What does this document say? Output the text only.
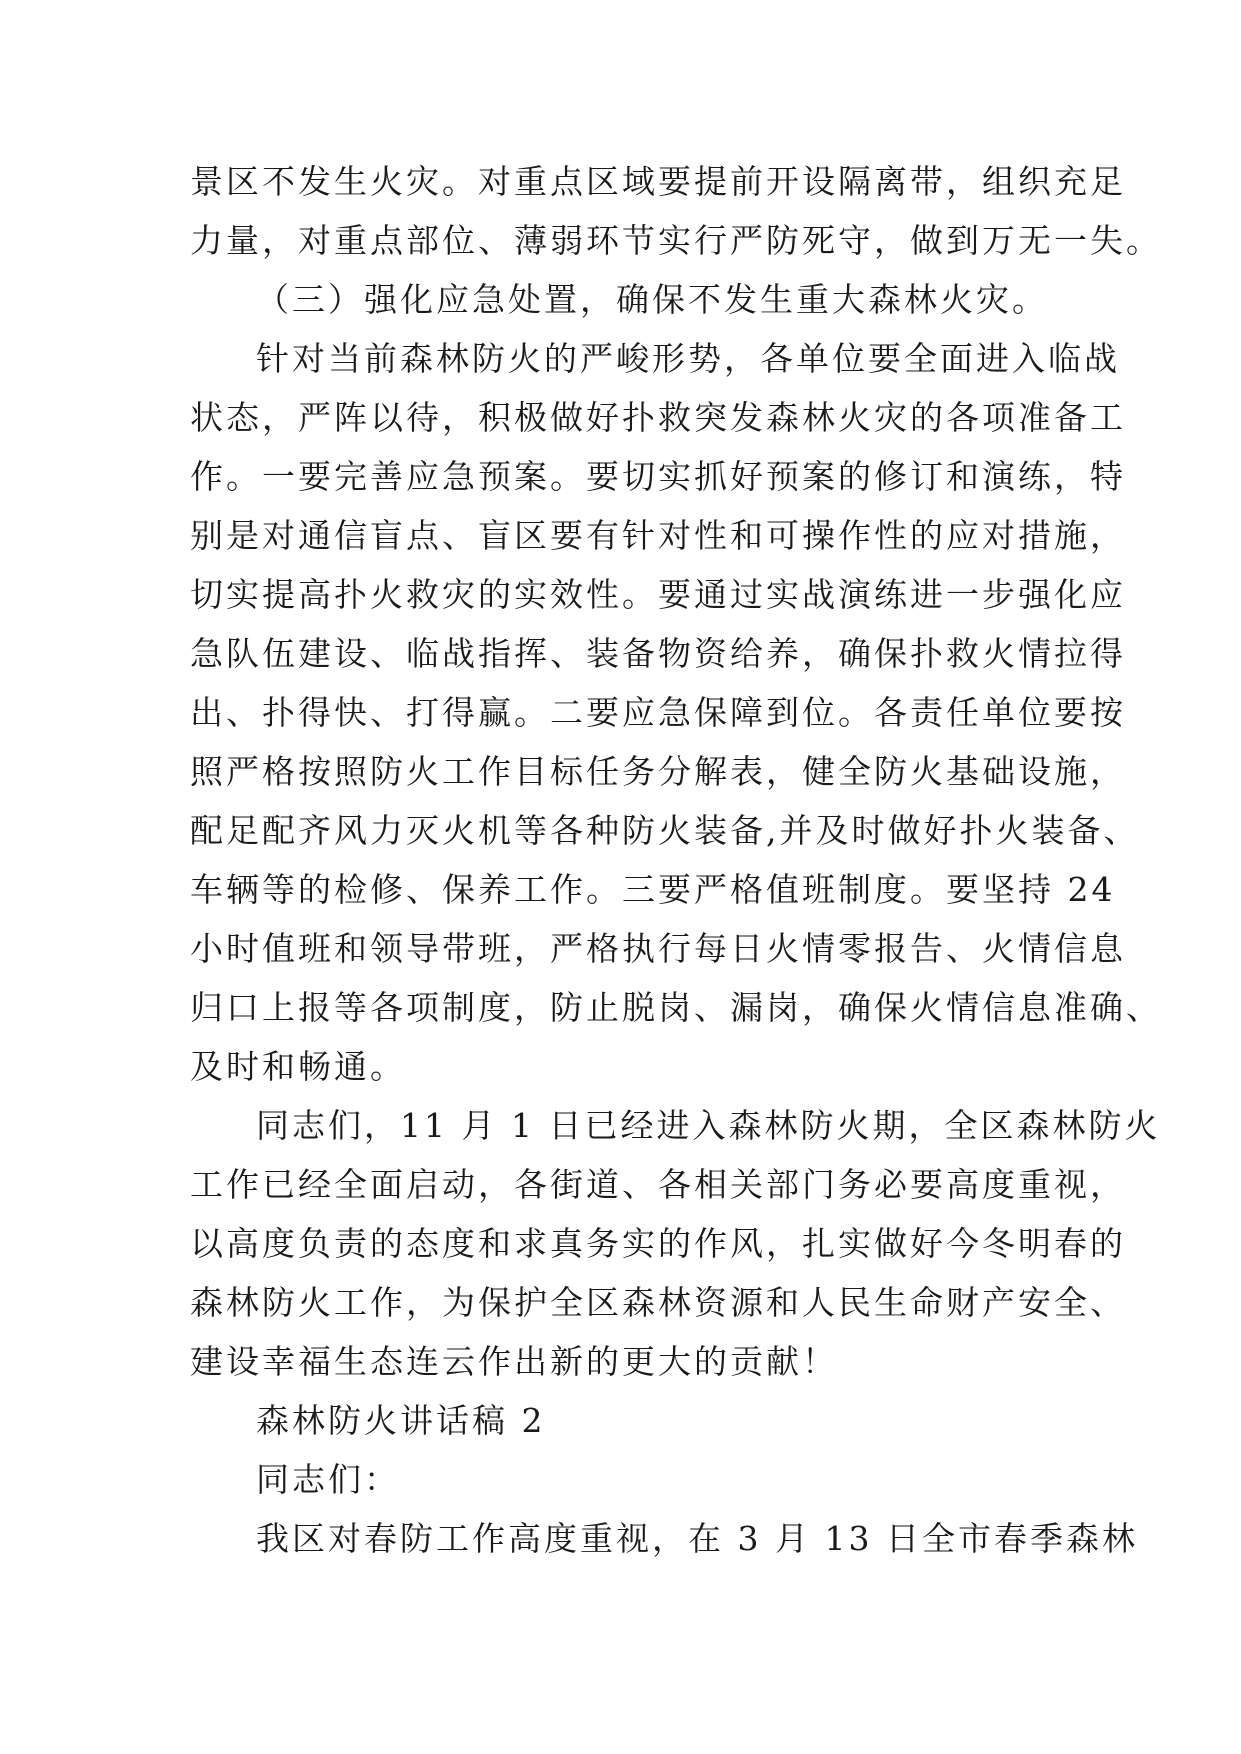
景区不发生火灾。对重点区域要提前开设隔离带，组织充足
力量，对重点部位、薄弱环节实行严防死守，做到万无一失。
（三）强化应急处置，确保不发生重大森林火灾。
针对当前森林防火的严峻形势，各单位要全面进入临战
状态，严阵以待，积极做好扑救突发森林火灾的各项准备工
作。一要完善应急预案。要切实抓好预案的修订和演练，特
别是对通信盲点、盲区要有针对性和可操作性的应对措施，
切实提高扑火救灾的实效性。要通过实战演练进一步强化应
急队伍建设、临战指挥、装备物资给养，确保扑救火情拉得
出、扑得快、打得赢。二要应急保障到位。各责任单位要按
照严格按照防火工作目标任务分解表，健全防火基础设施，
配足配齐风力灭火机等各种防火装备,并及时做好扑火装备、
车辆等的检修、保养工作。三要严格值班制度。要坚持 24
小时值班和领导带班，严格执行每日火情零报告、火情信息
归口上报等各项制度，防止脱岗、漏岗，确保火情信息准确、
及时和畅通。
同志们，11 月 1 日已经进入森林防火期，全区森林防火
工作已经全面启动，各街道、各相关部门务必要高度重视，
以高度负责的态度和求真务实的作风，扎实做好今冬明春的
森林防火工作，为保护全区森林资源和人民生命财产安全、
建设幸福生态连云作出新的更大的贡献！
森林防火讲话稿 2
同志们：
我区对春防工作高度重视，在 3 月 13 日全市春季森林
